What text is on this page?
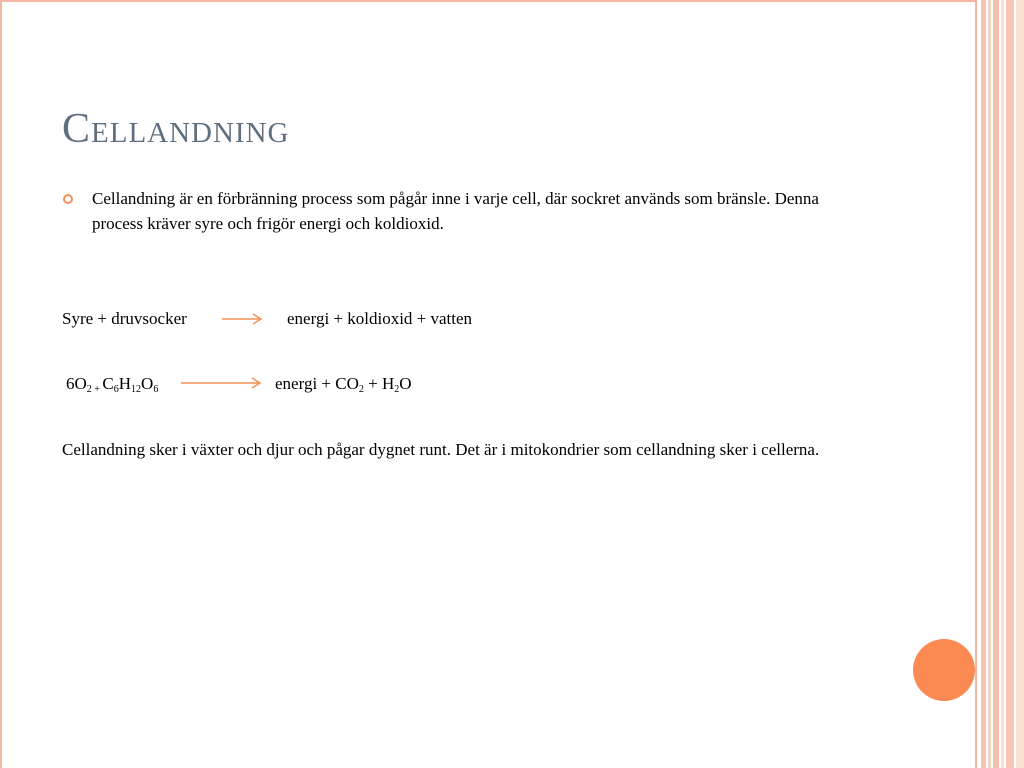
Cellandning
Cellandning är en förbränning process som pågår inne i varje cell, där sockret används som bränsle. Denna process kräver syre och frigör energi och koldioxid.
Syre + druvsocker	energi + koldioxid + vatten
$6O_2$ $_+$ $C_6H_{12}O_6$	energi + $CO_2 + H_2O$
Cellandning sker i växter och djur och pågar dygnet runt. Det är i mitokondrier som cellandning sker i cellerna.
